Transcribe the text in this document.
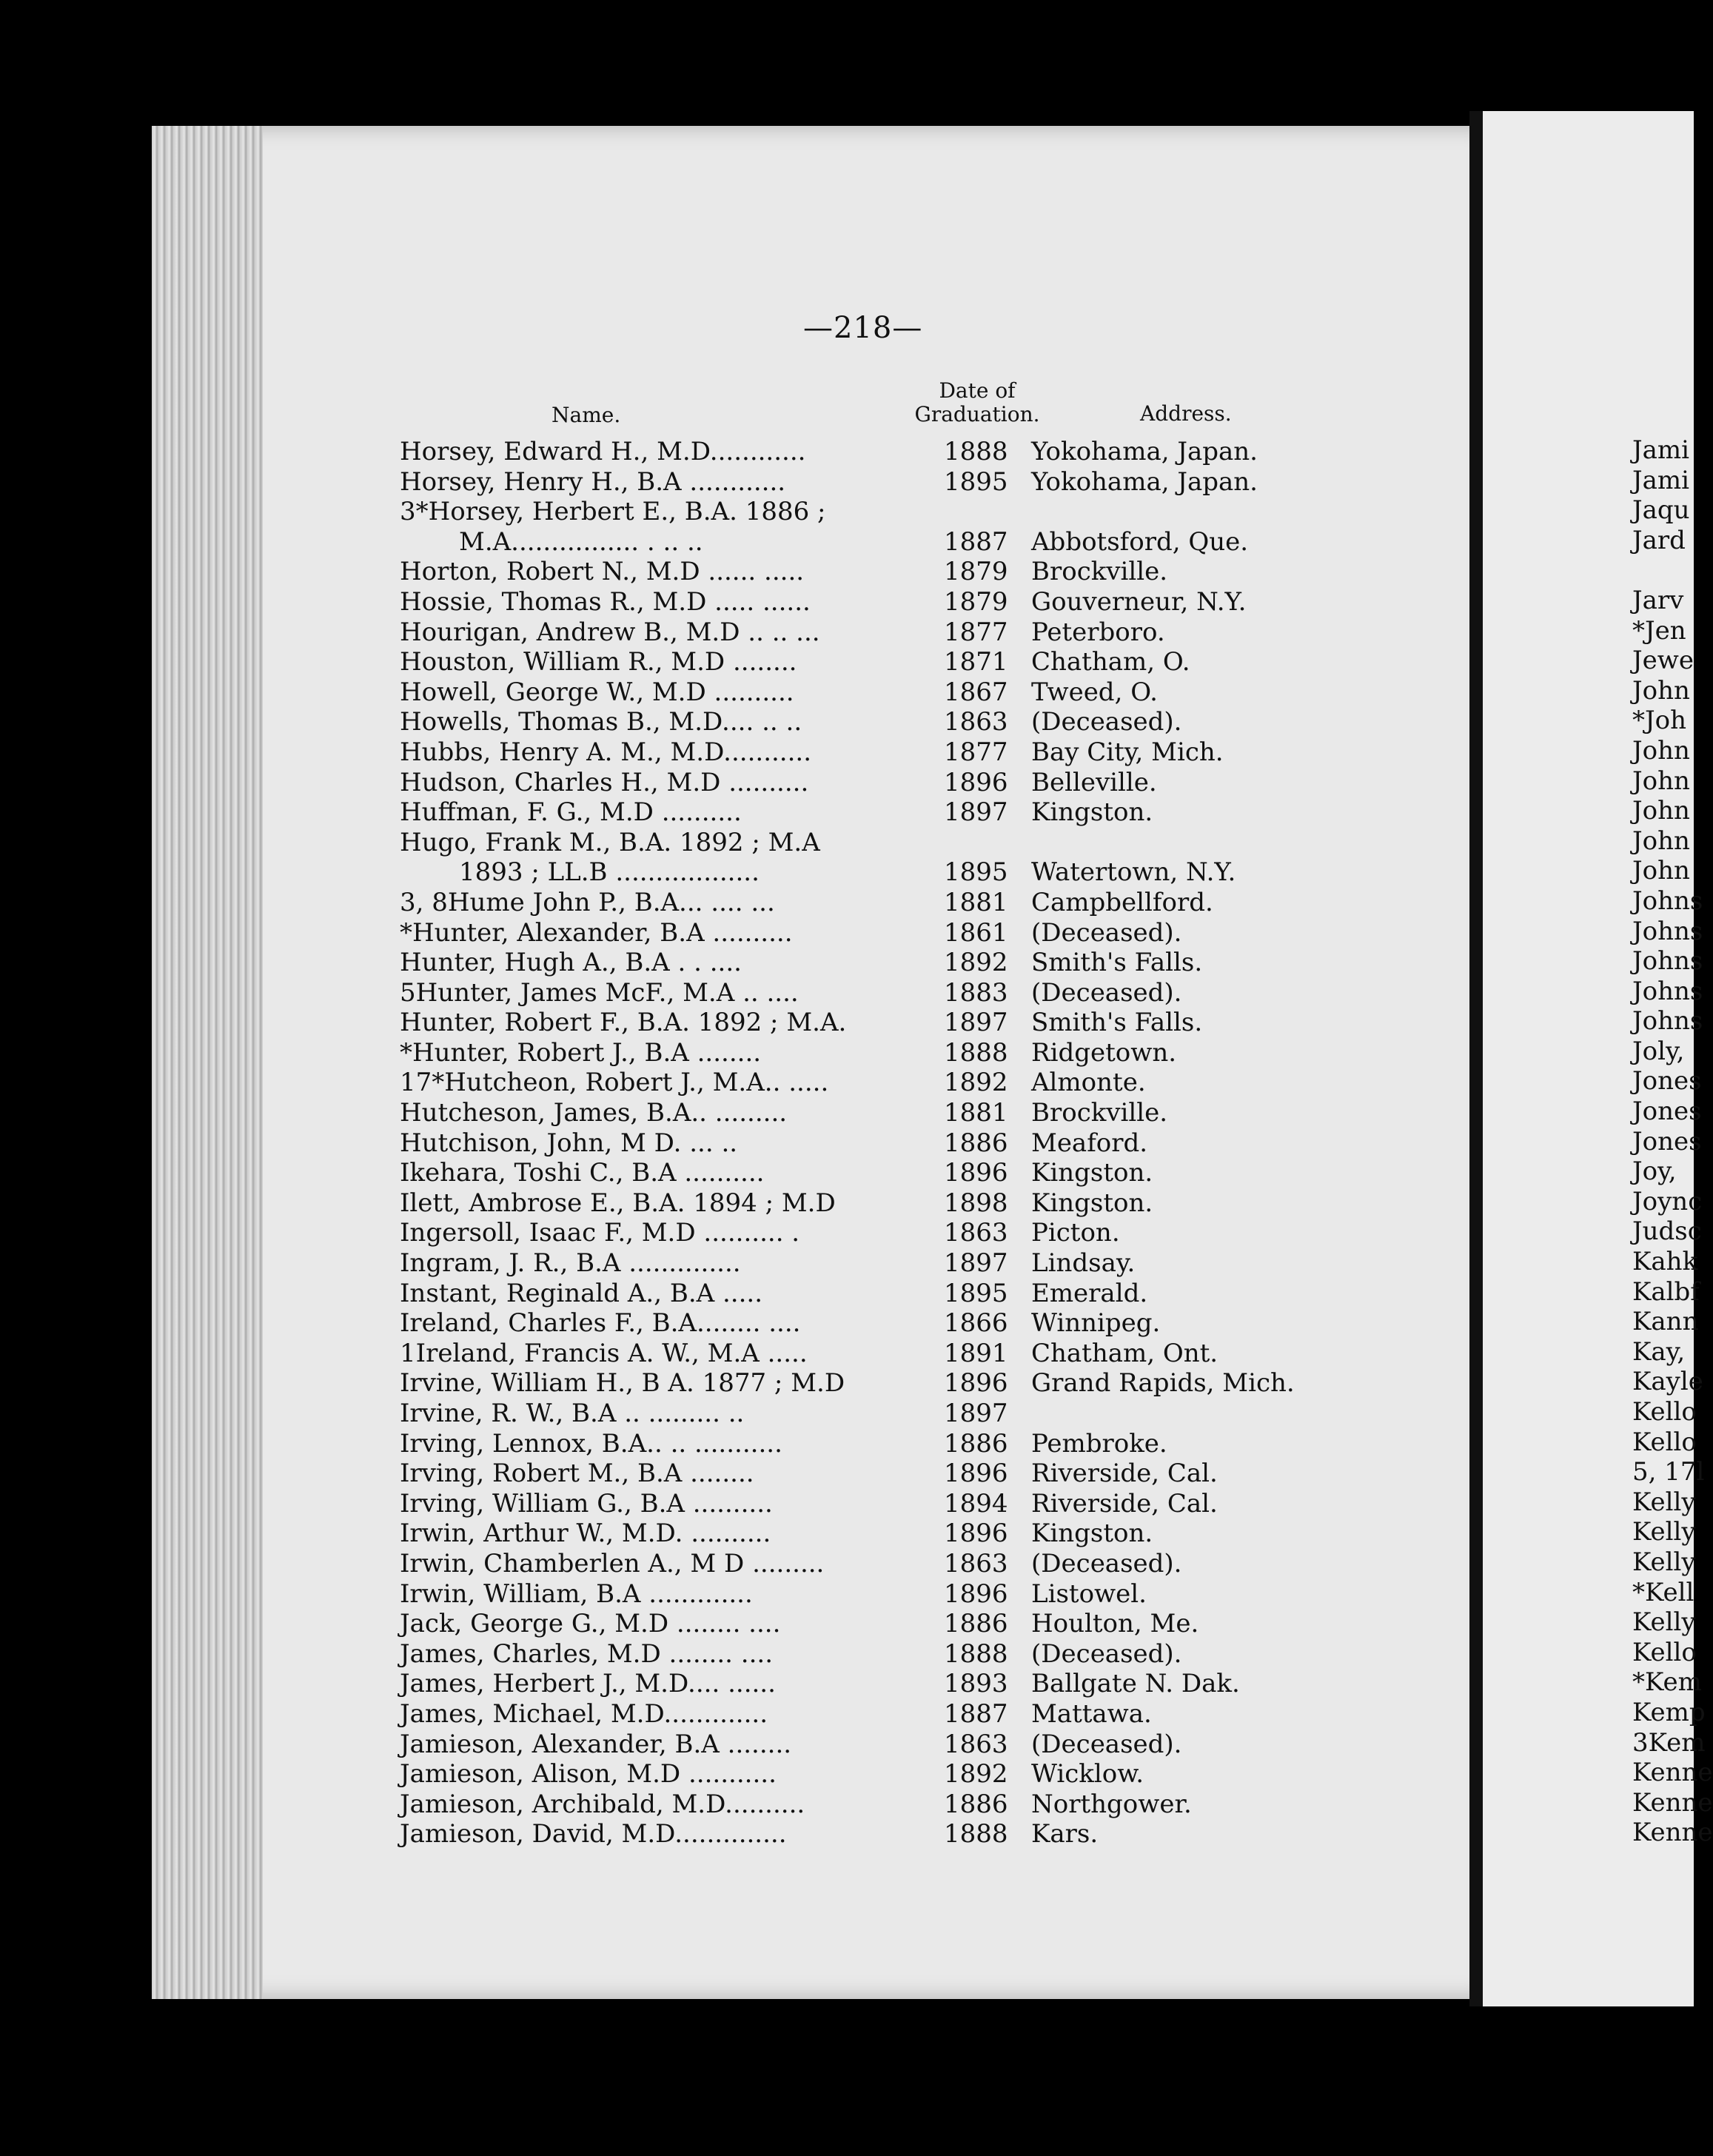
—218—
Name.
Date of
Graduation.	Address.
Horsey, Edward H., M.D............	1888 Yokohama, Japan.
Horsey, Henry H., B.A ............	1895 Yokohama, Japan.
3*Horsey, Herbert E., B.A. 1886 ;
M.A................ . .. ..	1887 Abbotsford, Que.
Horton, Robert N., M.D ...... .....	1879 Brockville.
Hossie, Thomas R., M.D ..... ......	1879 Gouverneur, N.Y.
Hourigan, Andrew B., M.D .. .. ...	1877 Peterboro.
Houston, William R., M.D ........	1871 Chatham, O.
Howell, George W., M.D ..........	1867 Tweed, O.
Howells, Thomas B., M.D.... .. ..	1863 (Deceased).
Hubbs, Henry A. M., M.D...........	1877 Bay City, Mich.
Hudson, Charles H., M.D ..........	1896 Belleville.
Huffman, F. G., M.D ..........	1897 Kingston.
Hugo, Frank M., B.A. 1892 ; M.A
1893 ; LL.B ..................	1895 Watertown, N.Y.
3, 8Hume John P., B.A... .... ...	1881 Campbellford.
*Hunter, Alexander, B.A ..........	1861 (Deceased).
Hunter, Hugh A., B.A . . ....	1892 Smith's Falls.
5Hunter, James McF., M.A .. ....	1883 (Deceased).
Hunter, Robert F., B.A. 1892 ; M.A.	1897 Smith's Falls.
*Hunter, Robert J., B.A ........	1888 Ridgetown.
17*Hutcheon, Robert J., M.A.. .....	1892 Almonte.
Hutcheson, James, B.A.. .........	1881 Brockville.
Hutchison, John, M D. ... ..	1886 Meaford.
Ikehara, Toshi C., B.A ..........	1896 Kingston.
Ilett, Ambrose E., B.A. 1894 ; M.D	1898 Kingston.
Ingersoll, Isaac F., M.D .......... .	1863 Picton.
Ingram, J. R., B.A ..............	1897 Lindsay.
Instant, Reginald A., B.A .....	1895 Emerald.
Ireland, Charles F., B.A........ ....	1866 Winnipeg.
1Ireland, Francis A. W., M.A .....	1891 Chatham, Ont.
Irvine, William H., B A. 1877 ; M.D	1896 Grand Rapids, Mich.
Irvine, R. W., B.A .. ......... ..	1897
Irving, Lennox, B.A.. .. ...........	1886 Pembroke.
Irving, Robert M., B.A ........	1896 Riverside, Cal.
Irving, William G., B.A ..........	1894 Riverside, Cal.
Irwin, Arthur W., M.D. ..........	1896 Kingston.
Irwin, Chamberlen A., M D .........	1863 (Deceased).
Irwin, William, B.A .............	1896 Listowel.
Jack, George G., M.D ........ ....	1886 Houlton, Me.
James, Charles, M.D ........ ....	1888 (Deceased).
James, Herbert J., M.D.... ......	1893 Ballgate N. Dak.
James, Michael, M.D.............	1887 Mattawa.
Jamieson, Alexander, B.A ........	1863 (Deceased).
Jamieson, Alison, M.D ...........	1892 Wicklow.
Jamieson, Archibald, M.D..........	1886 Northgower.
Jamieson, David, M.D..............	1888 Kars.
Jami
Jami
Jaqu
Jard
Jarv
*Jen
Jewe
John
*Joh
John
John
John
John
John
Johns
Johns
Johns
Johns
Johns
Joly,
Jones
Jones
Jones
Joy,
Joync
Judsc
Kahk
Kalbf
Kann
Kay,
Kayle
Kello
Kello
5, 17l
Kelly
Kelly
Kelly
*Kell
Kelly
Kello
*Kem
Kemp
3Kem
Kenne
Kenne
Kenne
